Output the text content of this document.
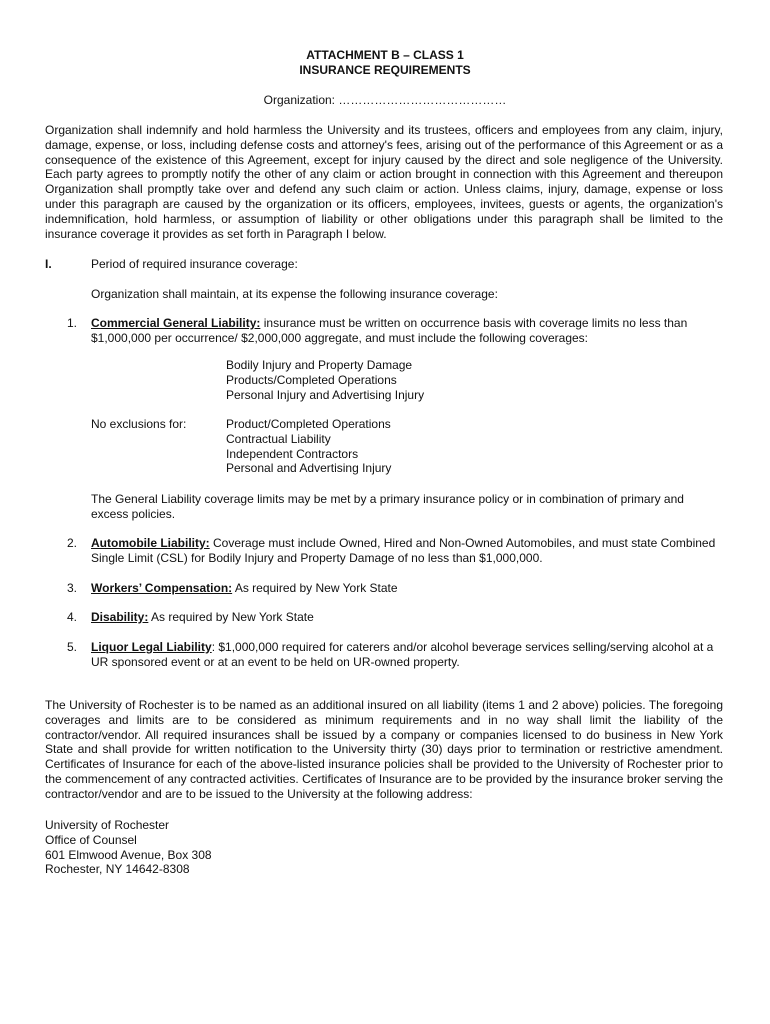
ATTACHMENT B – CLASS 1
INSURANCE REQUIREMENTS
Organization: ……………………………………
Organization shall indemnify and hold harmless the University and its trustees, officers and employees from any claim, injury, damage, expense, or loss, including defense costs and attorney's fees, arising out of the performance of this Agreement or as a consequence of the existence of this Agreement, except for injury caused by the direct and sole negligence of the University. Each party agrees to promptly notify the other of any claim or action brought in connection with this Agreement and thereupon Organization shall promptly take over and defend any such claim or action. Unless claims, injury, damage, expense or loss under this paragraph are caused by the organization or its officers, employees, invitees, guests or agents, the organization's indemnification, hold harmless, or assumption of liability or other obligations under this paragraph shall be limited to the insurance coverage it provides as set forth in Paragraph I below.
I.	Period of required insurance coverage:
Organization shall maintain, at its expense the following insurance coverage:
1. Commercial General Liability: insurance must be written on occurrence basis with coverage limits no less than $1,000,000 per occurrence/ $2,000,000 aggregate, and must include the following coverages:
Bodily Injury and Property Damage
Products/Completed Operations
Personal Injury and Advertising Injury
No exclusions for:	Product/Completed Operations
Contractual Liability
Independent Contractors
Personal and Advertising Injury
The General Liability coverage limits may be met by a primary insurance policy or in combination of primary and excess policies.
2. Automobile Liability: Coverage must include Owned, Hired and Non-Owned Automobiles, and must state Combined Single Limit (CSL) for Bodily Injury and Property Damage of no less than $1,000,000.
3. Workers’ Compensation: As required by New York State
4. Disability: As required by New York State
5. Liquor Legal Liability: $1,000,000 required for caterers and/or alcohol beverage services selling/serving alcohol at a UR sponsored event or at an event to be held on UR-owned property.
The University of Rochester is to be named as an additional insured on all liability (items 1 and 2 above) policies. The foregoing coverages and limits are to be considered as minimum requirements and in no way shall limit the liability of the contractor/vendor. All required insurances shall be issued by a company or companies licensed to do business in New York State and shall provide for written notification to the University thirty (30) days prior to termination or restrictive amendment. Certificates of Insurance for each of the above-listed insurance policies shall be provided to the University of Rochester prior to the commencement of any contracted activities. Certificates of Insurance are to be provided by the insurance broker serving the contractor/vendor and are to be issued to the University at the following address:
University of Rochester
Office of Counsel
601 Elmwood Avenue, Box 308
Rochester, NY 14642-8308
